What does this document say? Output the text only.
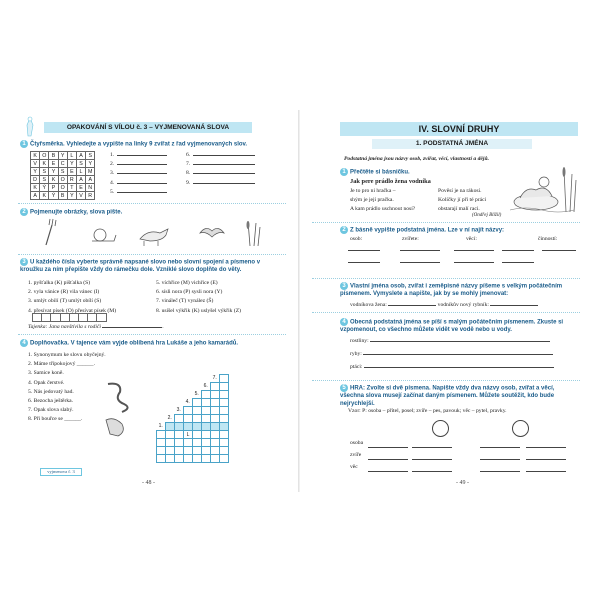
OPAKOVÁNÍ S VÍLOU č. 3 – VYJMENOVANÁ SLOVA
1 Čtyřsměrka. Vyhledejte a vypište na linky 9 zvířat z řad vyjmenovaných slov.
K	O	B	Y	L	A	S
V	K	E	C	Y	S	Y
Y	S	Y	S	E	L	M
D	S	K	O	R	A	A
K	Ý	P	O	T	E	N
A	K	Ý	B	Y	V	R
1.
2.
3.
4.
5.
6.
7.
8.
9.
2 Pojmenujte obrázky, slova pište.
3 U každého čísla vyberte správně napsané slovo nebo slovní spojení a písmeno v kroužku za ním přepište vždy do rámečku dole. Vzniklé slovo doplňte do věty.
1. pyšťalka (K) pišťalka (S)
2. vyla vánice (R) vila vánec (I)
3. umlýt obilí (T) umlýt obílí (S)
4. přesívat písek (O) přesívat písek (M)
5. víchřice (M) vichřice (E)
6. sísli nora (P) sysli nora (Y)
7. vináleč (T) vynález (Š)
8. usíšel výkřik (K) uslyšel výkřik (Z)

Tajenka: Jana navštívila s rodiči	.
4 Doplňovačka. V tajence vám vyjde oblíbená hra Lukáše a jeho kamarádů.
1. Synonymum ke slovu obyčejný.
2. Máme třípokojový ______.
3. Samice koně.
4. Opak čerstvé.
5. Nás jedovatý had.
6. Bezocha ještěrka.
7. Opak slova slabý.
8. Při bouřce se ______.
						7.	
					6.		
				5.			
			4.				
		3.					
	2.						
1.							
			L				

vyjmenova č. 3
- 48 -
IV. SLOVNÍ DRUHY
1. PODSTATNÁ JMÉNA
Podstatná jména jsou názvy osob, zvířat, věcí, vlastností a dějů.
1 Přečtěte si básničku.
Jak pere prádlo žena vodníka
Je to pro ni hračka –
shým je její pračka.
A kam prádlo uschnout nosí?
Pověsí je na rákosí.
Kolíčky jí při té práci
obstarají malí raci.
(Ondřej Blížil)
2 Z básně vypište podstatná jména. Lze v ní najít názvy:
osob:	zvířete:	věcí:	činností:
3 Vlastní jména osob, zvířat i zeměpisné názvy píšeme s velkým počátečním písmenem. Vymyslete a napište, jak by se mohly jmenovat:
vodníkova žena:	vodníkův nový rybník:
4 Obecná podstatná jména se píší s malým počátečním písmenem. Zkuste si vzpomenout, co všechno můžete vidět ve vodě nebo u vody.
rostliny:
ryby:
ptáci:
5 HRA: Zvolte si dvě písmena. Napište vždy dva názvy osob, zvířat a věcí, všechna slova musejí začínat daným písmenem. Můžete soutěžit, kdo bude nejrychlejší.
Vzor: P: osoba – přítel, posel; zvíře – pes, pavouk; věc – pytel, pravky.
osoba
zvíře
věc
- 49 -
